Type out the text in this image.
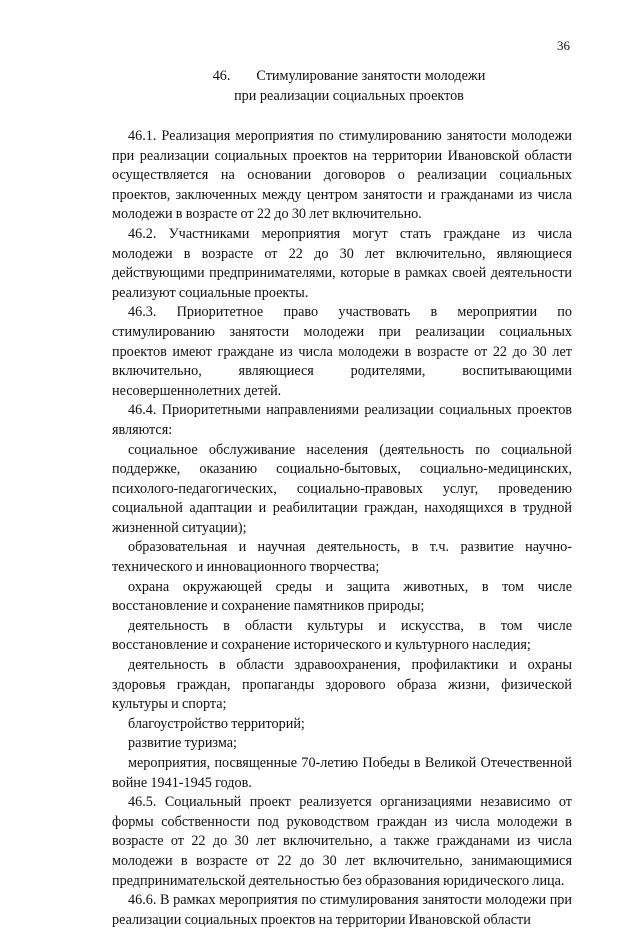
36
46. Стимулирование занятости молодежи
при реализации социальных проектов

46.1. Реализация мероприятия по стимулированию занятости молодежи при реализации социальных проектов на территории Ивановской области осуществляется на основании договоров о реализации социальных проектов, заключенных между центром занятости и гражданами из числа молодежи в возрасте от 22 до 30 лет включительно.

46.2. Участниками мероприятия могут стать граждане из числа молодежи в возрасте от 22 до 30 лет включительно, являющиеся действующими предпринимателями, которые в рамках своей деятельности реализуют социальные проекты.

46.3. Приоритетное право участвовать в мероприятии по стимулированию занятости молодежи при реализации социальных проектов имеют граждане из числа молодежи в возрасте от 22 до 30 лет включительно, являющиеся родителями, воспитывающими несовершеннолетних детей.

46.4. Приоритетными направлениями реализации социальных проектов являются:

социальное обслуживание населения (деятельность по социальной поддержке, оказанию социально-бытовых, социально-медицинских, психолого-педагогических, социально-правовых услуг, проведению социальной адаптации и реабилитации граждан, находящихся в трудной жизненной ситуации);

образовательная и научная деятельность, в т.ч. развитие научно-технического и инновационного творчества;

охрана окружающей среды и защита животных, в том числе восстановление и сохранение памятников природы;

деятельность в области культуры и искусства, в том числе восстановление и сохранение исторического и культурного наследия;

деятельность в области здравоохранения, профилактики и охраны здоровья граждан, пропаганды здорового образа жизни, физической культуры и спорта;

благоустройство территорий;

развитие туризма;

мероприятия, посвященные 70-летию Победы в Великой Отечественной войне 1941-1945 годов.

46.5. Социальный проект реализуется организациями независимо от формы собственности под руководством граждан из числа молодежи в возрасте от 22 до 30 лет включительно, а также гражданами из числа молодежи в возрасте от 22 до 30 лет включительно, занимающимися предпринимательской деятельностью без образования юридического лица.

46.6. В рамках мероприятия по стимулирования занятости молодежи при реализации социальных проектов на территории Ивановской области
